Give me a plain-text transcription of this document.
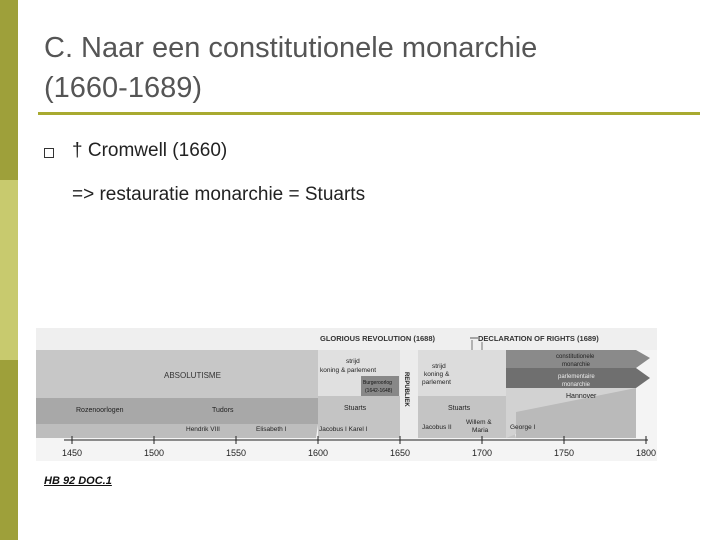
C. Naar een constitutionele monarchie
(1660-1689)
† Cromwell (1660)
=> restauratie monarchie = Stuarts
GLORIOUS REVOLUTION (1688)	DECLARATION OF RIGHTS (1689)
ABSOLUTISME
Rozenoorlogen	Tudors
Hendrik VIII	Elisabeth I
strijd
koning & parlement
Burgeroorlog
(1642-1648)
Stuarts
Jacobus I Karel I
REPUBLIEK
strijd
koning &
parlement
Stuarts
Jacobus II
Willem &
Maria	George I
constitutionele
monarchie
parlementaire
monarchie
Hannover
1450	1500	1550	1600	1650	1700	1750	1800
HB 92 DOC.1
